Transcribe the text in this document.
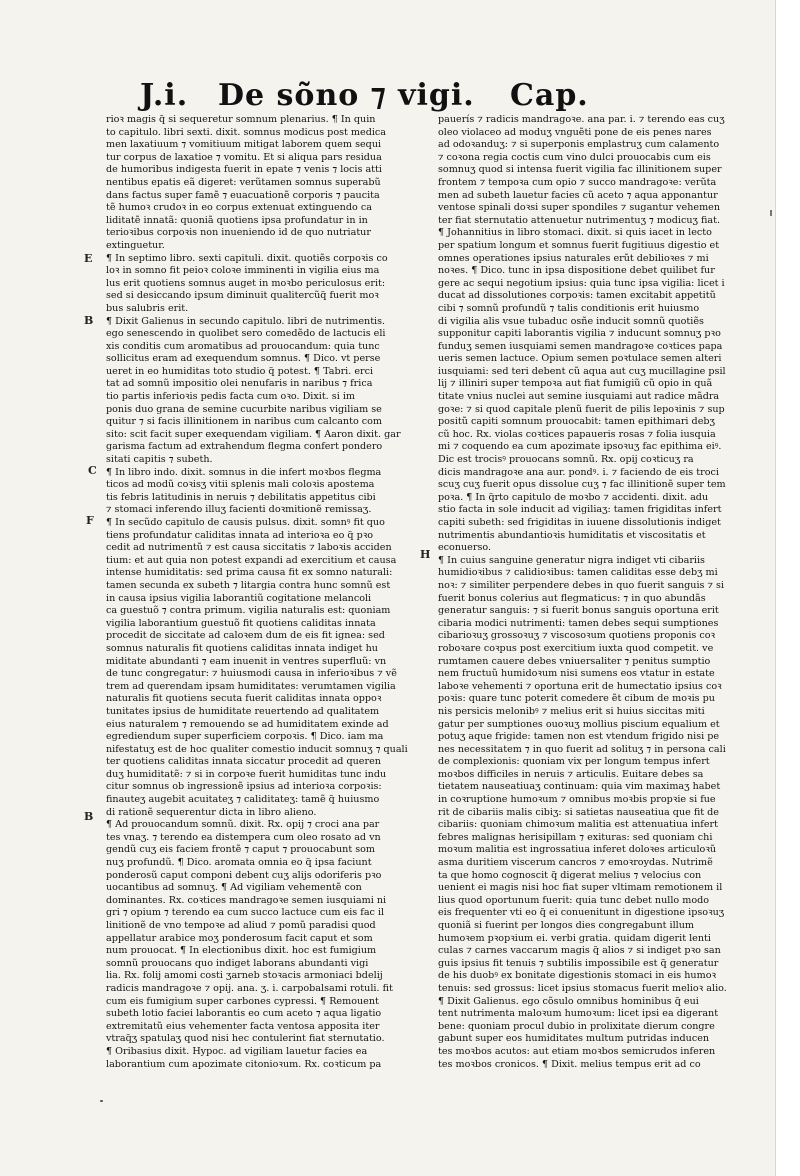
J.i. De sõno ⁊ vigi. Cap.
E
B
C
F
B
H
rioꝛ magis q̃ si sequeretur somnum plenarius. ¶ In quin
to capitulo. libri sexti. dixit. somnus modicus post medica
men laxatiuum ⁊ vomitiuum mitigat laborem quem sequi
tur corpus de laxatioe ⁊ vomitu. Et si aliqua pars residua
de humoribus indigesta fuerit in epate ⁊ venis ⁊ locis atti
nentibus epatis eã digeret: verũtamen somnus superabũ
dans factus super famẽ ⁊ euacuationẽ corporis ⁊ paucita
tẽ humoꝛ crudoꝛ in eo corpus extenuat extinguendo ca
liditatẽ innatã: quoniã quotiens ipsa profundatur in in
terioꝛibus corpoꝛis non inueniendo id de quo nutriatur
extinguetur.
¶ In septimo libro. sexti capituli. dixit. quotiẽs corpoꝛis co
loꝛ in somno fit peioꝛ coloꝛe imminenti in vigilia eius ma
lus erit quotiens somnus auget in moꝛbo periculosus erit:
sed si desiccando ipsum diminuit qualitercũq̃ fuerit moꝛ
bus salubris erit.
¶ Dixit Galienus in secundo capitulo. libri de nutrimentis.
ego senescendo in quolibet sero comedẽdo de lactucis eli
xis conditis cum aromatibus ad prouocandum: quia tunc
sollicitus eram ad exequendum somnus. ¶ Dico. vt perse
ueret in eo humiditas toto studio q̃ potest. ¶ Tabri. erci
tat ad somnũ impositio olei nenufaris in naribus ⁊ frica
tio partis inferioꝛis pedis facta cum oꝛo. Dixit. si im
ponis duo grana de semine cucurbite naribus vigiliam se
quitur ⁊ si facis illinitionem in naribus cum calcanto com
sito: scit facit super exequendam vigiliam. ¶ Aaron dixit. gar
garisma factum ad extrahendum flegma confert pondero
sitati capitis ⁊ subeth.
¶ In libro indo. dixit. somnus in die infert moꝛbos flegma
ticos ad modũ coꝛisʒ vitii splenis mali coloꝛis apostema
tis febris latitudinis in neruis ⁊ debilitatis appetitus cibi
⁊ stomaci inferendo illuʒ facienti doꝛmitionẽ remissaʒ.
¶ In secũdo capitulo de causis pulsus. dixit. somnꝰ fit quo
tiens profundatur caliditas innata ad interioꝛa eo q̃ pꝛo
cedit ad nutrimentũ ⁊ est causa siccitatis ⁊ laboꝛis acciden
tium: et aut quia non potest expandi ad exercitium et causa
intense humiditatis: sed prima causa fit ex somno naturali:
tamen secunda ex subeth ⁊ litargia contra hunc somnũ est
in causa ipsius vigilia laborantiũ cogitatione melancoli
ca guestuõ ⁊ contra primum. vigilia naturalis est: quoniam
vigilia laborantium guestuõ fit quotiens caliditas innata
procedit de siccitate ad caloꝛem dum de eis fit ignea: sed
somnus naturalis fit quotiens caliditas innata indiget hu
miditate abundanti ⁊ eam inuenit in ventres superfluũ: vn
de tunc congregatur: ⁊ huiusmodi causa in inferioꝛibus ⁊ vẽ
trem ad querendam ipsam humiditates: verumtamen vigilia
naturalis fit quotiens secuta fuerit caliditas innata oppoꝛ
tunitates ipsius de humiditate reuertendo ad qualitatem
eius naturalem ⁊ remouendo se ad humiditatem exinde ad
egrediendum super superficiem corpoꝛis. ¶ Dico. iam ma
nifestatuʒ est de hoc qualiter comestio inducit somnuʒ ⁊ quali
ter quotiens caliditas innata siccatur procedit ad queren
duʒ humiditatẽ: ⁊ si in corpoꝛe fuerit humiditas tunc indu
citur somnus ob ingressionẽ ipsius ad interioꝛa corpoꝛis:
finauteʒ augebit acuitateʒ ⁊ caliditateʒ: tamẽ q̃ huiusmo
di rationẽ sequerentur dicta in libro alieno.
¶ Ad prouocandum somnũ. dixit. Rx. opij ⁊ croci ana par
tes vnaʒ. ⁊ terendo ea distempera cum oleo rosato ad vn
gendũ cuʒ eis faciem frontẽ ⁊ caput ⁊ prouocabunt som
nuʒ profundũ. ¶ Dico. aromata omnia eo q̃ ipsa faciunt
ponderosũ caput componi debent cuʒ alijs odoriferis pꝛo
uocantibus ad somnuʒ. ¶ Ad vigiliam vehementẽ con
dominantes. Rx. coꝛtices mandragoꝛe semen iusquiami ni
gri ⁊ opium ⁊ terendo ea cum succo lactuce cum eis fac il
linitionẽ de vno tempoꝛe ad aliud ⁊ pomũ paradisi quod
appellatur arabice moʒ ponderosum facit caput et som
num prouocat. ¶ In electionibus dixit. hoc est fumigium
somnũ prouocans quo indiget laborans abundanti vigi
lia. Rx. folij amomi costi ʒarneb stoꝛacis armoniaci bdelij
radicis mandragoꝛe ⁊ opij. ana. ʒ. i. carpobalsami rotuli. fit
cum eis fumigium super carbones cypressi. ¶ Remouent
subeth lotio faciei laborantis eo cum aceto ⁊ aqua ligatio
extremitatũ eius vehementer facta ventosa apposita iter
vtraq̃ʒ spatulaʒ quod nisi hec contulerint fiat sternutatio.
¶ Oribasius dixit. Hypoc. ad vigiliam lauetur facies ea
laborantium cum apozimate citonioꝛum. Rx. coꝛticum pa
pauerís ⁊ radicis mandragoꝛe. ana par. i. ⁊ terendo eas cuʒ
oleo violaceo ad moduʒ vnguẽti pone de eis penes nares
ad odoꝛanduʒ: ⁊ si superponis emplastruʒ cum calamento
⁊ coꝛona regia coctis cum vino dulci prouocabis cum eis
somnuʒ quod si intensa fuerit vigilia fac illinitionem super
frontem ⁊ tempoꝛa cum opio ⁊ succo mandragoꝛe: verũta
men ad subeth lauetur facies cũ aceto ⁊ aqua apponantur
ventose spinali doꝛsi super spondiles ⁊ sugantur vehemen
ter fiat sternutatio attenuetur nutrimentuʒ ⁊ modicuʒ fiat.
¶ Johannitius in libro stomaci. dixit. si quis iacet in lecto
per spatium longum et somnus fuerit fugitiuus digestio et
omnes operationes ipsius naturales erũt debilioꝛes ⁊ mi
noꝛes. ¶ Dico. tunc in ipsa dispositione debet quilibet fur
gere ac sequi negotium ipsius: quia tunc ipsa vigilia: licet i
ducat ad dissolutiones corpoꝛis: tamen excitabit appetitũ
cibi ⁊ somnũ profundũ ⁊ talis conditionis erit huiusmo
di vigilia alis vsue tubaduc osñe inducit somnũ quotiẽs
supponitur capiti laborantis vigilia ⁊ inducunt somnuʒ pꝛo
funduʒ semen iusquiami semen mandragoꝛe coꝛtices papa
ueris semen lactuce. Opium semen poꝛtulace semen alteri
iusquiami: sed teri debent cũ aqua aut cuʒ mucillagine psil
lij ⁊ illiniri super tempoꝛa aut fiat fumigiũ cũ opio in quã
titate vnius nuclei aut semine iusquiami aut radice mãdra
goꝛe: ⁊ si quod capitale plenũ fuerit de pilis lepoꝛinis ⁊ sup
positũ capiti somnum prouocabit: tamen epithimari debʒ
cũ hoc. Rx. violas coꝛtices papaueris rosas ⁊ folia iusquia
mi ⁊ coquendo ea cum apozimate ipsoꝛuʒ fac epithima eiꝰ.
Dic est trocisꝰ prouocans somnũ. Rx. opij coꝛticuʒ ra
dicis mandragoꝛe ana aur. pondꝰ. i. ⁊ faciendo de eis troci
scuʒ cuʒ fuerit opus dissolue cuʒ ⁊ fac illinitionẽ super tem
poꝛa. ¶ In q̃rto capitulo de moꝛbo ⁊ accidenti. dixit. adu
stio facta in sole inducit ad vigiliaʒ: tamen frigiditas infert
capiti subeth: sed frigiditas in iuuene dissolutionis indiget
nutrimentis abundantioꝛis humiditatis et viscositatis et
econuerso.
¶ In cuius sanguine generatur nigra indiget vti cibariis
humidioꝛibus ⁊ calidioꝛibus: tamen caliditas esse debʒ mi
noꝛ: ⁊ similiter perpendere debes in quo fuerit sanguis ⁊ si
fuerit bonus colerius aut flegmaticus: ⁊ in quo abundãs
generatur sanguis: ⁊ si fuerit bonus sanguis oportuna erit
cibaria modici nutrimenti: tamen debes sequi sumptiones
cibarioꝛuʒ grossoꝛuʒ ⁊ viscosoꝛum quotiens proponis coꝛ
roboꝛare coꝛpus post exercitium iuxta quod competit. ve
rumtamen cauere debes vniuersaliter ⁊ penitus sumptio
nem fructuũ humidoꝛum nisi sumens eos vtatur in estate
laboꝛe vehementi ⁊ oportuna erit de humectatio ipsius coꝛ
poꝛis: quare tunc poterit comedere ẽt cibum de moꝛis pu
nis persicis melonibꝰ ⁊ melius erit si huius siccitas miti
gatur per sumptiones ouoꝛuʒ mollius piscium equalium et
potuʒ aque frigide: tamen non est vtendum frigido nisi pe
nes necessitatem ⁊ in quo fuerit ad solituʒ ⁊ in persona cali
de complexionis: quoniam vix per longum tempus infert
moꝛbos difficiles in neruis ⁊ articulis. Euitare debes sa
tietatem nauseatiuaʒ continuam: quia vim maximaʒ habet
in coꝛruptione humoꝛum ⁊ omnibus moꝛbis propꝛie si fue
rit de cibariis malis cibiʒ: si satietas nauseatiua que fit de
cibariis: quoniam chimoꝛum malitia est attenuatiua infert
febres malignas herisipillam ⁊ exituras: sed quoniam chi
moꝛum malitia est ingrossatiua inferet doloꝛes articuloꝛũ
asma duritiem viscerum cancros ⁊ emoꝛroydas. Nutrimẽ
ta que homo cognoscit q̃ digerat melius ⁊ velocius con
uenient ei magis nisi hoc fiat super vltimam remotionem il
lius quod oportunum fuerit: quia tunc debet nullo modo
eis frequenter vti eo q̃ ei conuenitunt in digestione ipsoꝛuʒ
quoniã si fuerint per longos dies congregabunt illum
humoꝛem pꝛopꝛium ei. verbi gratia. quidam digerit lenti
culas ⁊ carnes vaccarum magis q̃ alios ⁊ si indiget pꝛo san
guis ipsius fit tenuis ⁊ subtilis impossibile est q̃ generatur
de his duobꝰ ex bonitate digestionis stomaci in eis humoꝛ
tenuis: sed grossus: licet ipsius stomacus fuerit melioꝛ alio.
¶ Dixit Galienus. ego cõsulo omnibus hominibus q̃ eui
tent nutrimenta maloꝛum humoꝛum: licet ipsi ea digerant
bene: quoniam procul dubio in prolixitate dierum congre
gabunt super eos humiditates multum putridas inducen
tes moꝛbos acutos: aut etiam moꝛbos semicrudos inferen
tes moꝛbos cronicos. ¶ Dixit. melius tempus erit ad co
